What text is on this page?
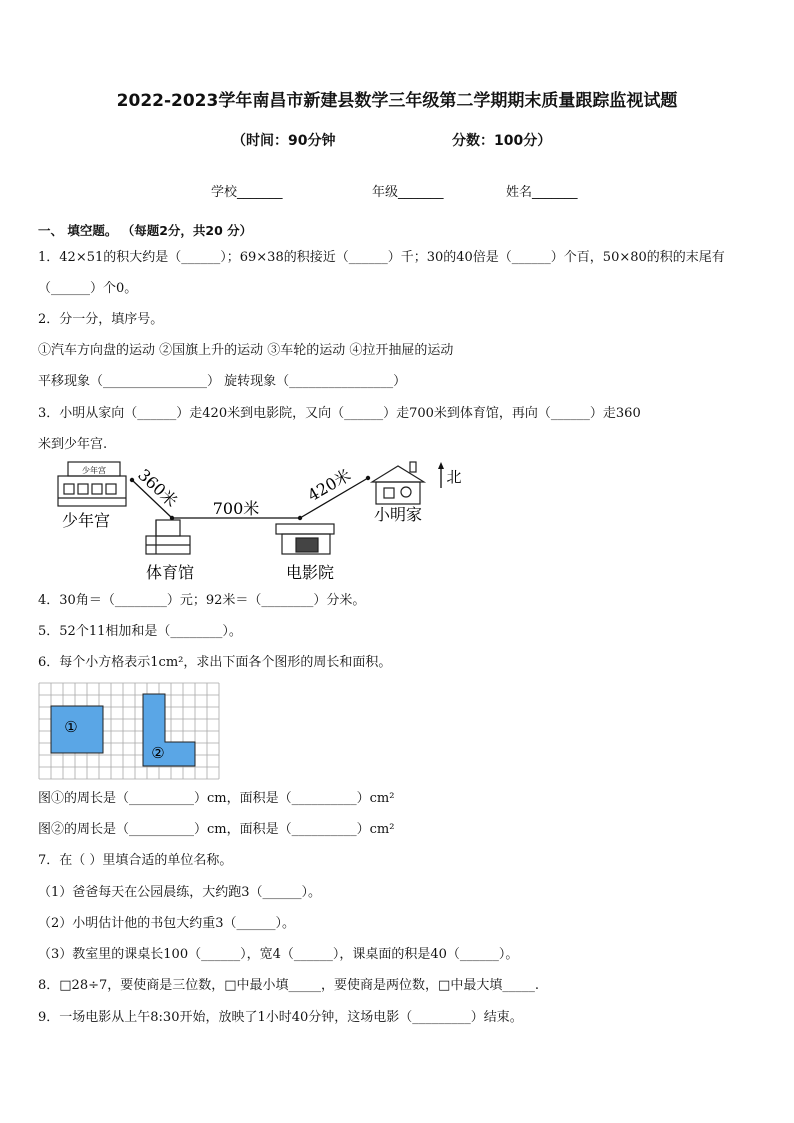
2022-2023学年南昌市新建县数学三年级第二学期期末质量跟踪监视试题
（时间：90分钟	分数：100分）
学校_______	年级_______	姓名_______
一、 填空题。 （每题2分，共20 分）
1．42×51的积大约是（______）；69×38的积接近（______）千；30的40倍是（______）个百，50×80的积的末尾有
（______）个0。
2．分一分，填序号。
①汽车方向盘的运动 ②国旗上升的运动 ③车轮的运动 ④拉开抽屉的运动
平移现象（________________） 旋转现象（________________）
3．小明从家向（______）走420米到电影院，又向（______）走700米到体育馆，再向（______）走360
米到少年宫.
少年宫
少年宫
体育馆	电影院
小明家
360米 700米
420米	北
4．30角＝（________）元；92米＝（________）分米。
5．52个11相加和是（________）。
6．每个小方格表示1cm²，求出下面各个图形的周长和面积。
①
②
图①的周长是（__________）cm，面积是（__________）cm²
图②的周长是（__________）cm，面积是（__________）cm²
7．在（ ）里填合适的单位名称。
（1）爸爸每天在公园晨练，大约跑3（______）。
（2）小明估计他的书包大约重3（______）。
（3）教室里的课桌长100（______），宽4（______），课桌面的积是40（______）。
8．□28÷7，要使商是三位数，□中最小填_____，要使商是两位数，□中最大填_____.
9．一场电影从上午8:30开始，放映了1小时40分钟，这场电影（_________）结束。
